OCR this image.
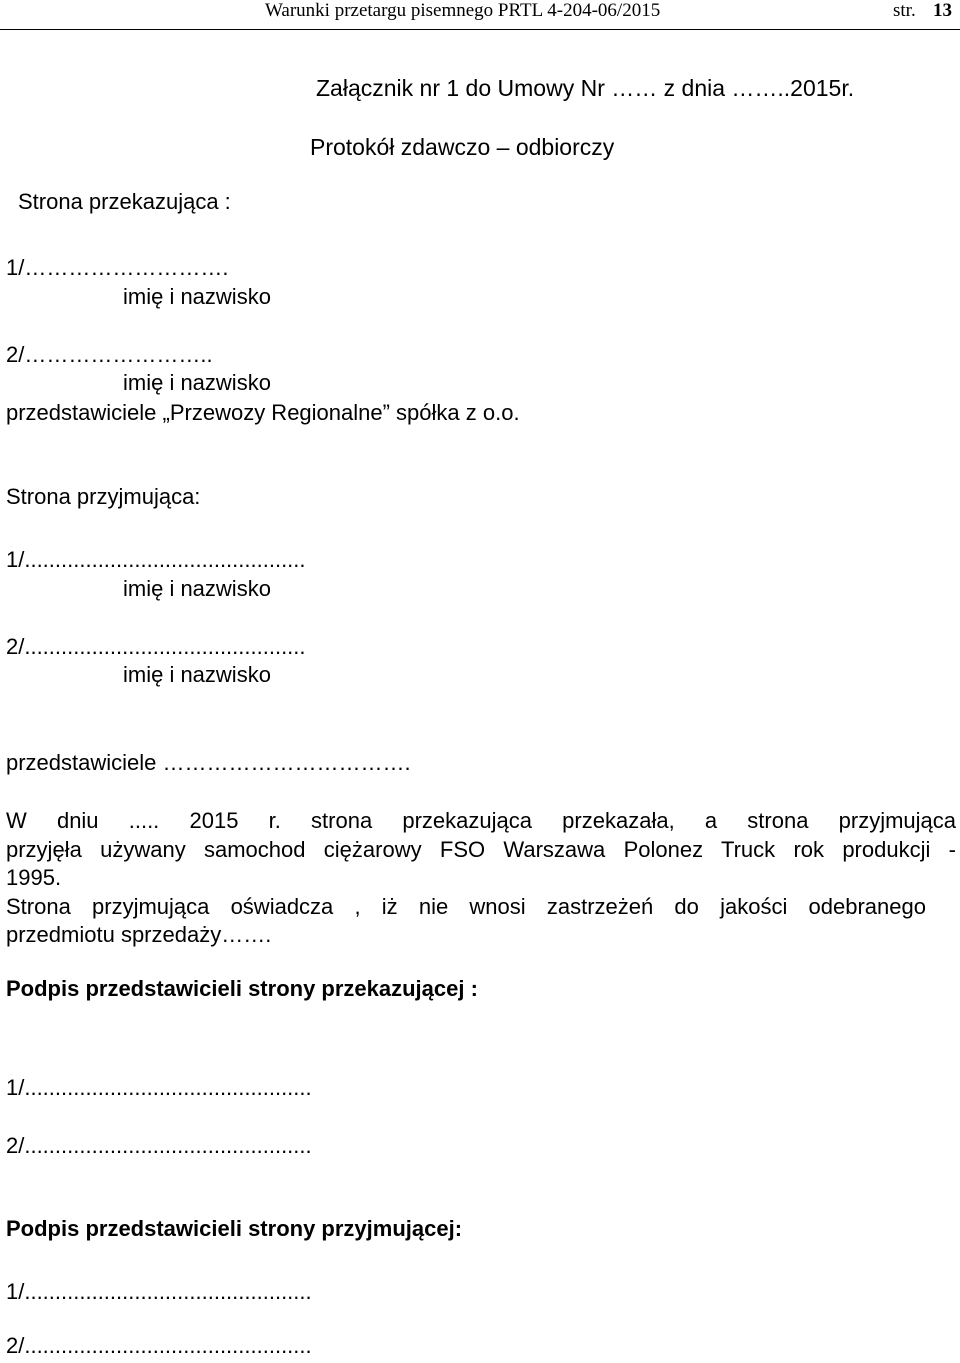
Warunki przetargu pisemnego PRTL 4-204-06/2015	str. 13
Załącznik nr 1 do Umowy Nr …… z dnia ……..2015r.
Protokół zdawczo – odbiorczy
Strona przekazująca :
1/……………………….
imię i nazwisko
2/……………………..
imię i nazwisko
przedstawiciele „Przewozy Regionalne” spółka z o.o.
Strona przyjmująca:
1/..............................................
imię i nazwisko
2/..............................................
imię i nazwisko
przedstawiciele …………………………….
W dniu ..... 2015 r. strona przekazująca przekazała, a strona przyjmująca
przyjęła używany samochod ciężarowy FSO Warszawa Polonez Truck rok produkcji -
1995.
Strona przyjmująca oświadcza , iż nie wnosi zastrzeżeń do jakości odebranego
przedmiotu sprzedaży…….
Podpis przedstawicieli strony przekazującej :
1/...............................................
2/...............................................
Podpis przedstawicieli strony przyjmującej:
1/...............................................
2/...............................................
